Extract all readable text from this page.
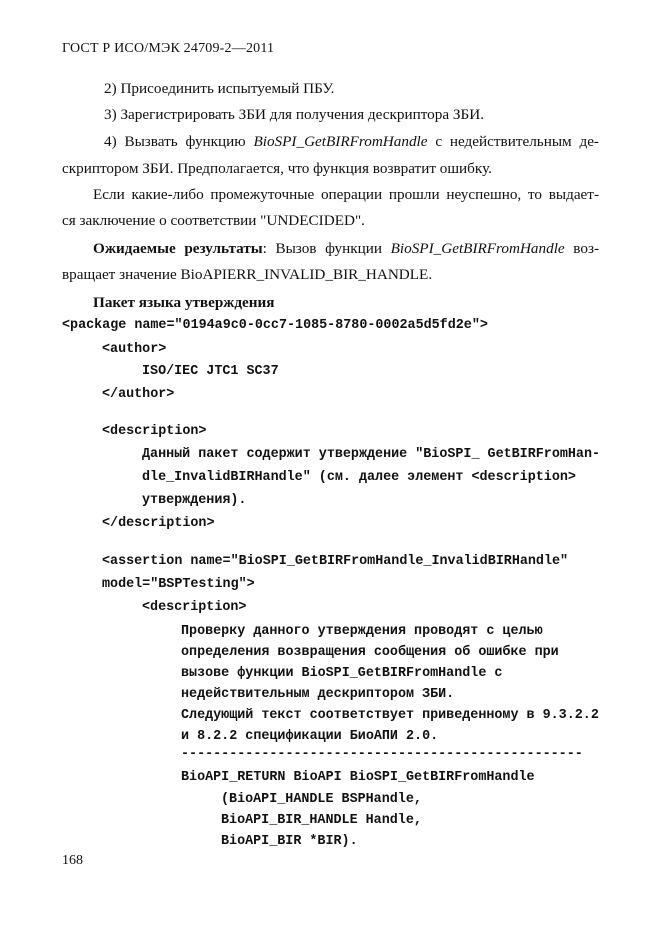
ГОСТ Р ИСО/МЭК 24709-2—2011
2) Присоединить испытуемый ПБУ.
3) Зарегистрировать ЗБИ для получения дескриптора ЗБИ.
4) Вызвать функцию BioSPI_GetBIRFromHandle с недействительным де-
скриптором ЗБИ. Предполагается, что функция возвратит ошибку.
Если какие-либо промежуточные операции прошли неуспешно, то выдает-
ся заключение о соответствии "UNDECIDED".
Ожидаемые результаты: Вызов функции BioSPI_GetBIRFromHandle воз-
вращает значение BioAPIERR_INVALID_BIR_HANDLE.
Пакет языка утверждения
<package name="0194a9c0-0cc7-1085-8780-0002a5d5fd2e">
<author>
ISO/IEC JTC1 SC37
</author>
<description>
Данный пакет содержит утверждение "BioSPI_ GetBIRFromHan-
dle_InvalidBIRHandle" (см. далее элемент <description>
утверждения).
</description>
<assertion name="BioSPI_GetBIRFromHandle_InvalidBIRHandle"
model="BSPTesting">
<description>
Проверку данного утверждения проводят с целью
определения возвращения сообщения об ошибке при
вызове функции BioSPI_GetBIRFromHandle с
недействительным дескриптором ЗБИ.
Следующий текст соответствует приведенному в 9.3.2.2
и 8.2.2 спецификации БиоАПИ 2.0.
--------------------------------------------------
BioAPI_RETURN BioAPI BioSPI_GetBIRFromHandle
(BioAPI_HANDLE BSPHandle,
BioAPI_BIR_HANDLE Handle,
BioAPI_BIR *BIR).
168
